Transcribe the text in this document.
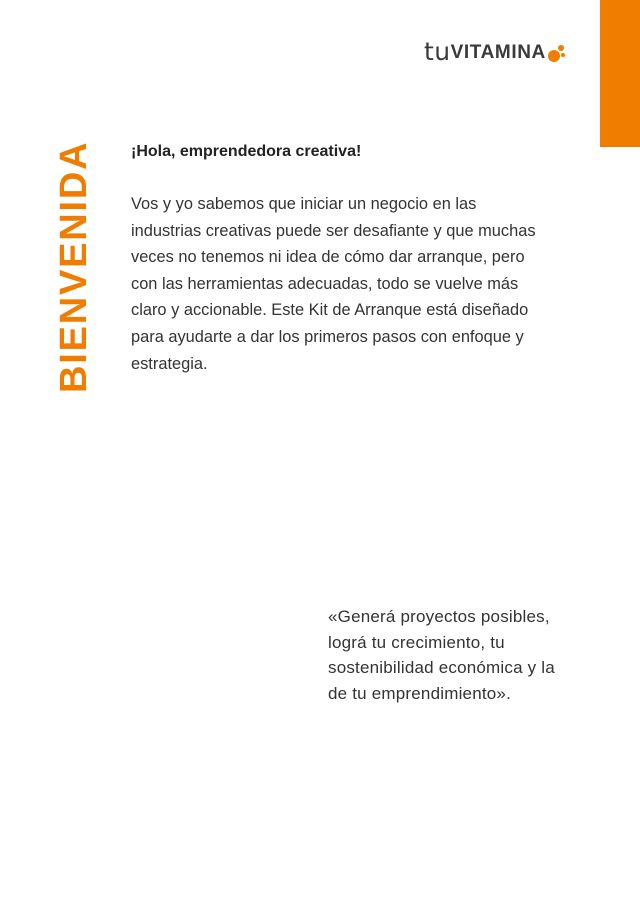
tu VITAMINA
BIENVENIDA ¡Hola, emprendedora creativa!

Vos y yo sabemos que iniciar un negocio en las
industrias creativas puede ser desafiante y que muchas
veces no tenemos ni idea de cómo dar arranque, pero
con las herramientas adecuadas, todo se vuelve más
claro y accionable. Este Kit de Arranque está diseñado
para ayudarte a dar los primeros pasos con enfoque y
estrategia.

«Generá proyectos posibles,
lográ tu crecimiento, tu
sostenibilidad económica y la
de tu emprendimiento».
